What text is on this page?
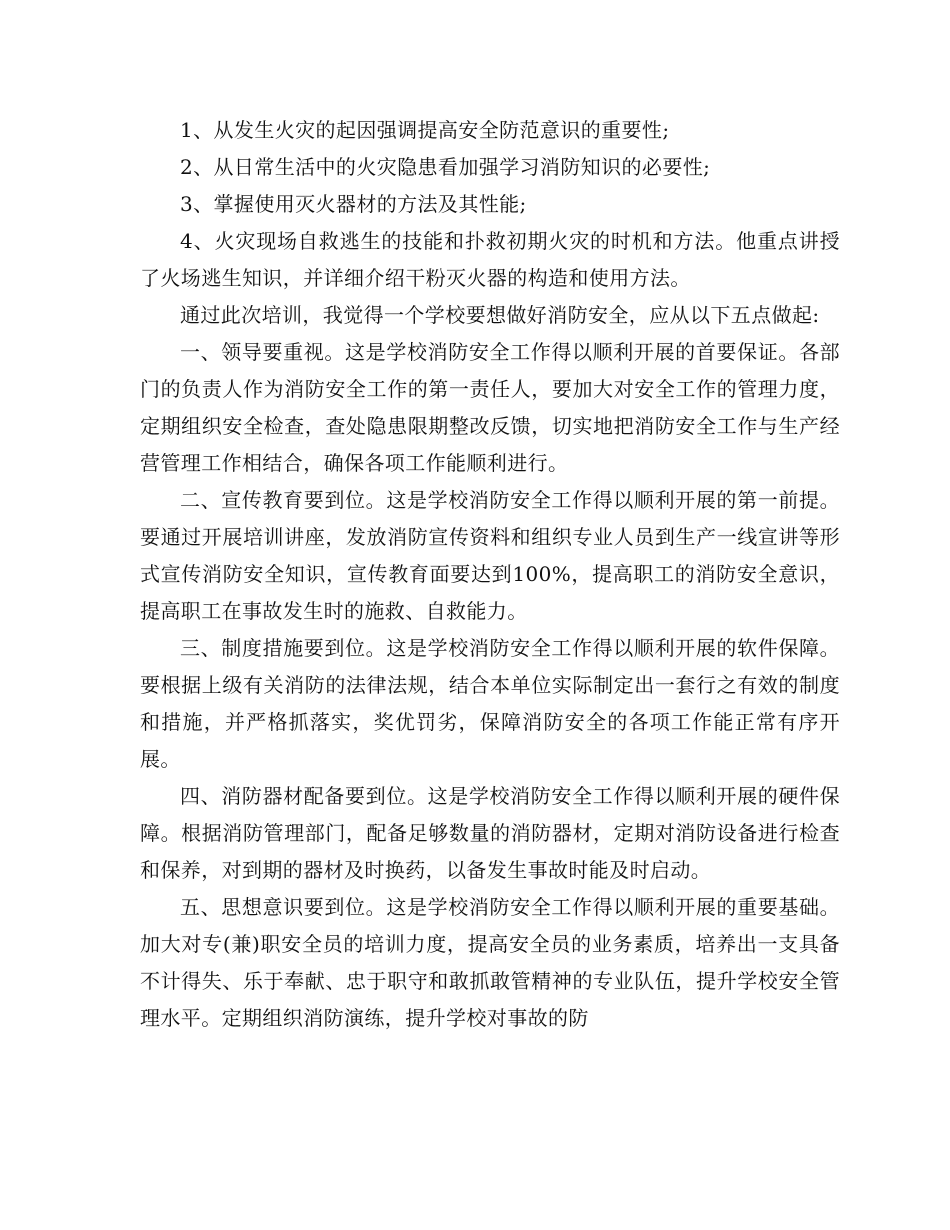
1、从发生火灾的起因强调提高安全防范意识的重要性;

2、从日常生活中的火灾隐患看加强学习消防知识的必要性;

3、掌握使用灭火器材的方法及其性能;

4、火灾现场自救逃生的技能和扑救初期火灾的时机和方法。他重点讲授了火场逃生知识，并详细介绍干粉灭火器的构造和使用方法。

通过此次培训，我觉得一个学校要想做好消防安全，应从以下五点做起:

一、领导要重视。这是学校消防安全工作得以顺利开展的首要保证。各部门的负责人作为消防安全工作的第一责任人，要加大对安全工作的管理力度，定期组织安全检查，查处隐患限期整改反馈，切实地把消防安全工作与生产经营管理工作相结合，确保各项工作能顺利进行。

二、宣传教育要到位。这是学校消防安全工作得以顺利开展的第一前提。要通过开展培训讲座，发放消防宣传资料和组织专业人员到生产一线宣讲等形式宣传消防安全知识，宣传教育面要达到100%，提高职工的消防安全意识，提高职工在事故发生时的施救、自救能力。

三、制度措施要到位。这是学校消防安全工作得以顺利开展的软件保障。要根据上级有关消防的法律法规，结合本单位实际制定出一套行之有效的制度和措施，并严格抓落实，奖优罚劣，保障消防安全的各项工作能正常有序开展。

四、消防器材配备要到位。这是学校消防安全工作得以顺利开展的硬件保障。根据消防管理部门，配备足够数量的消防器材，定期对消防设备进行检查和保养，对到期的器材及时换药，以备发生事故时能及时启动。

五、思想意识要到位。这是学校消防安全工作得以顺利开展的重要基础。加大对专(兼)职安全员的培训力度，提高安全员的业务素质，培养出一支具备不计得失、乐于奉献、忠于职守和敢抓敢管精神的专业队伍，提升学校安全管理水平。定期组织消防演练，提升学校对事故的防
